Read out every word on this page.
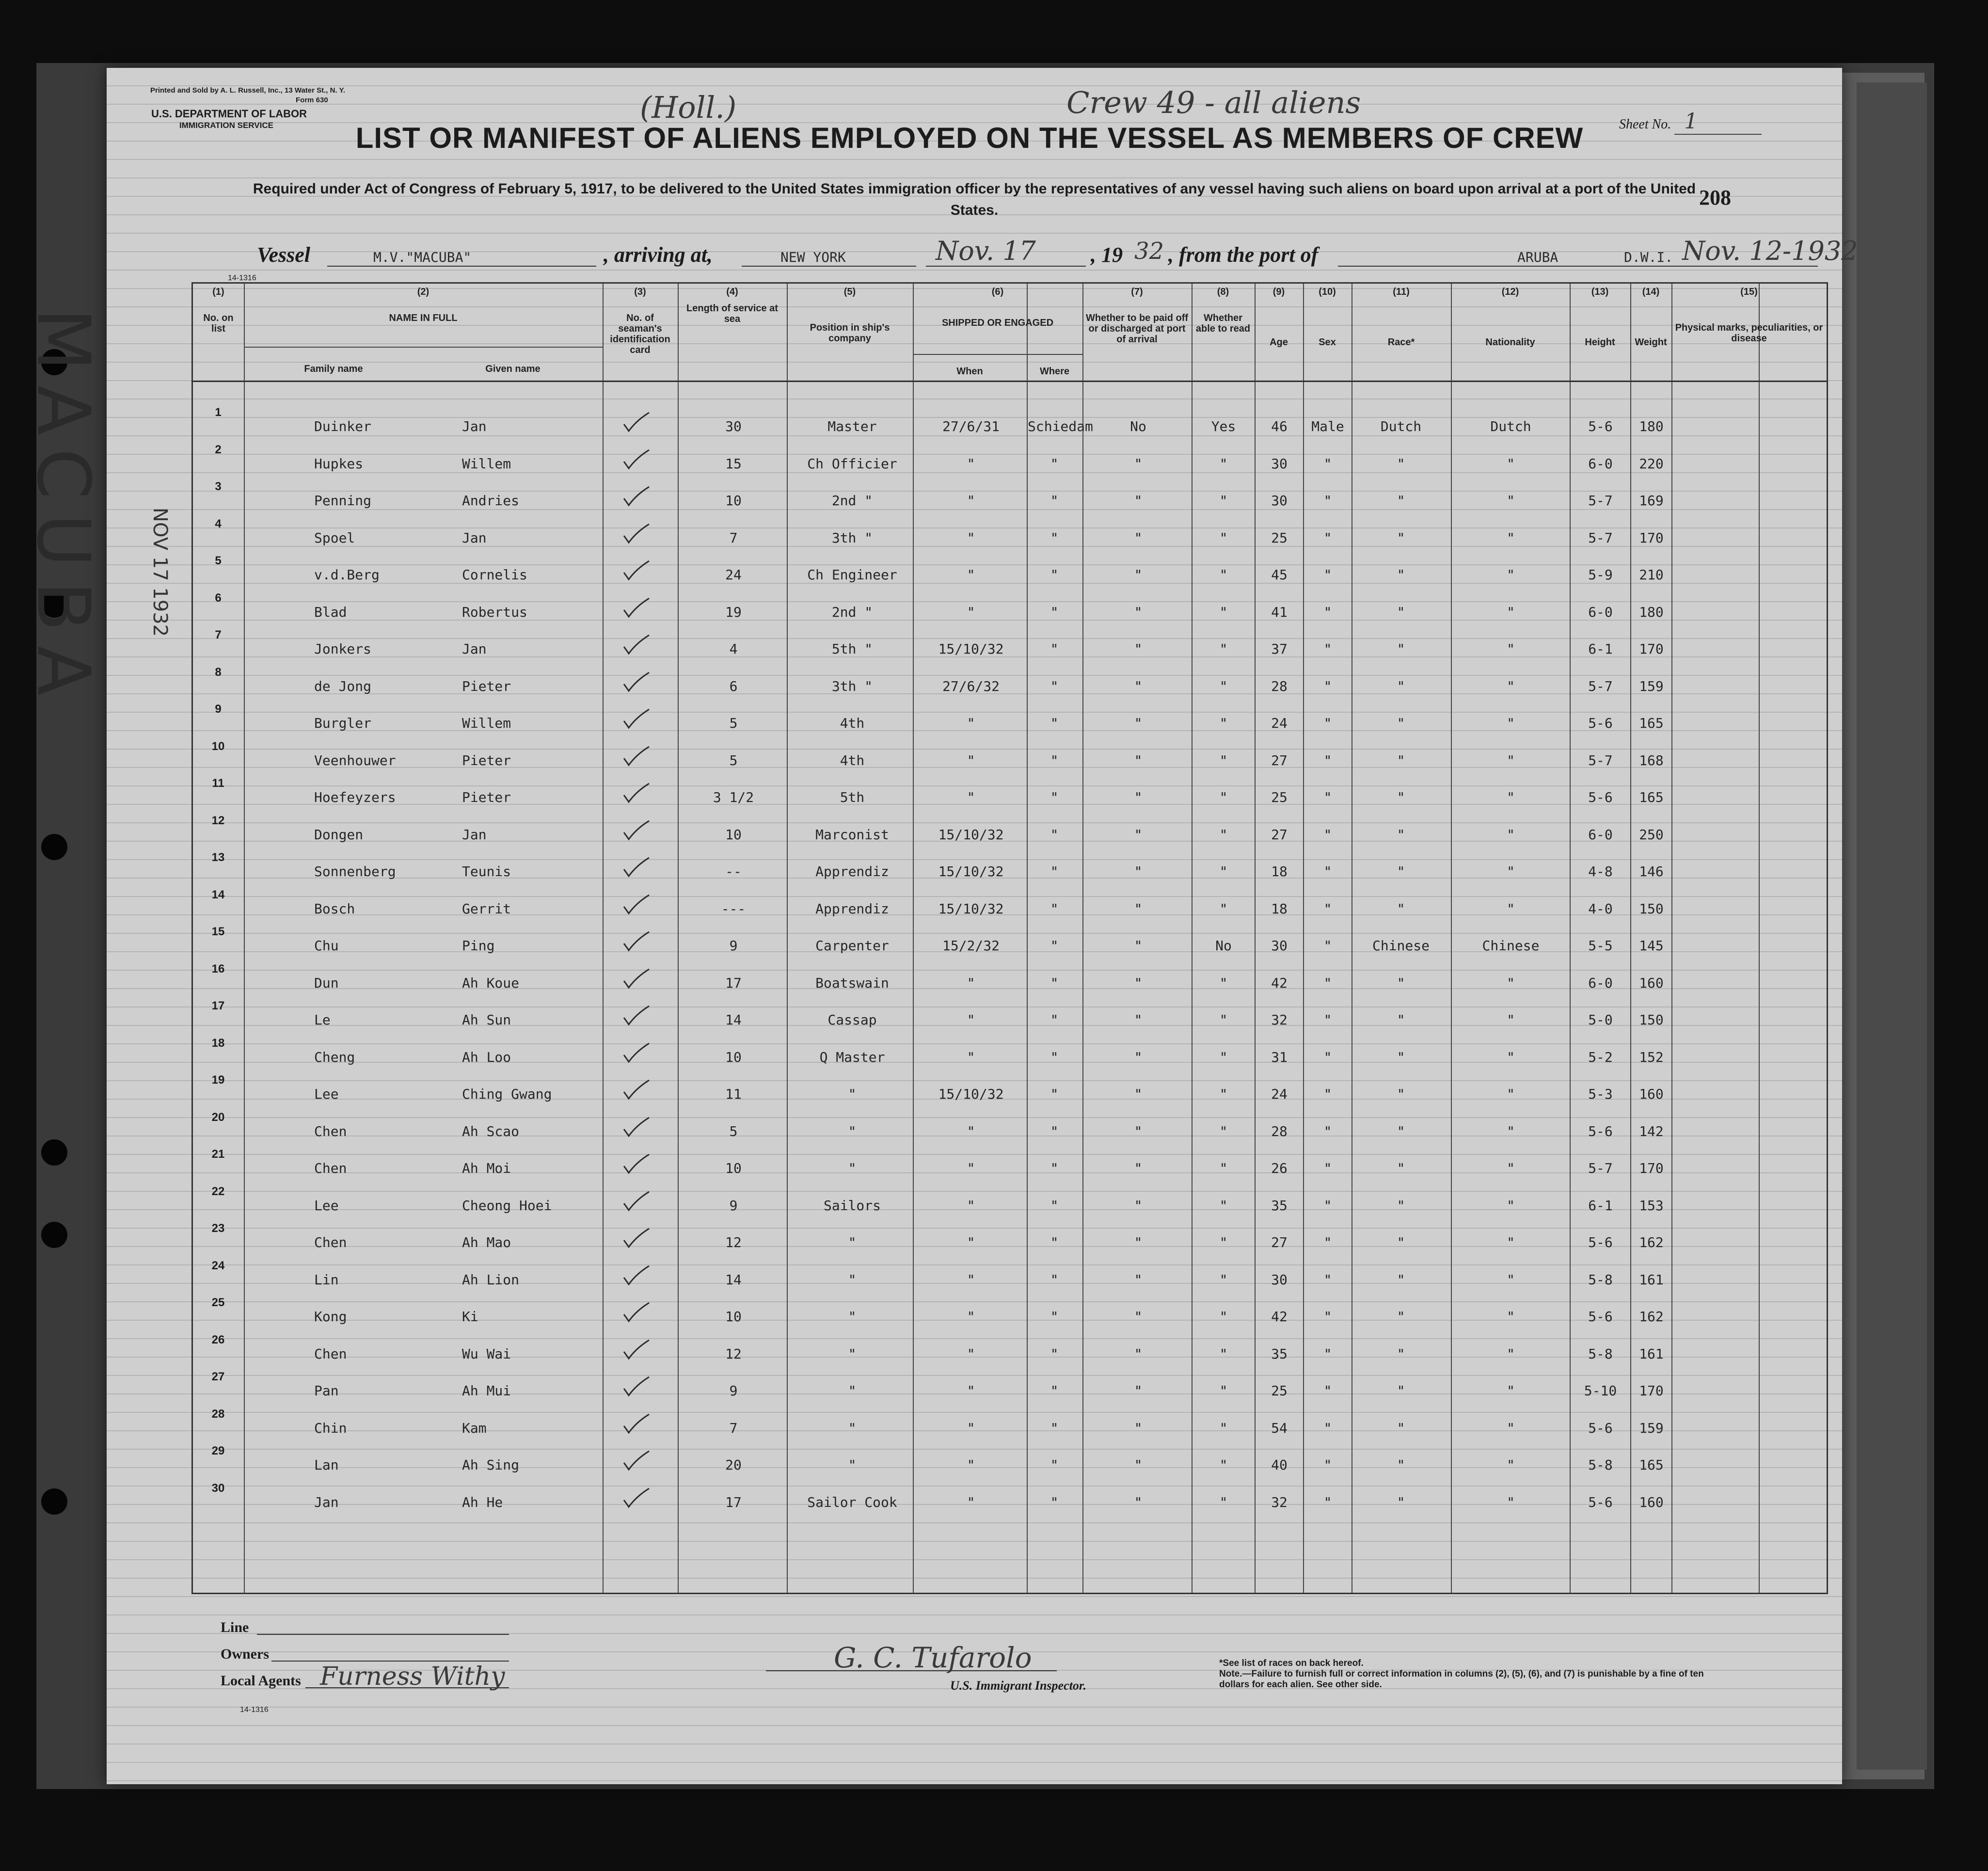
MACUBA NOV 17 1932
Printed and Sold by A. L. Russell, Inc., 13 Water St., N. Y.
Form 630
U.S. DEPARTMENT OF LABOR
IMMIGRATION SERVICE
(Holl.)	Crew 49 - all aliens
Sheet No. 1
LIST OR MANIFEST OF ALIENS EMPLOYED ON THE VESSEL AS MEMBERS OF CREW
Required under Act of Congress of February 5, 1917, to be delivered to the United States immigration officer by the representatives of any vessel having such aliens on board upon arrival at a port of the United States.
208
Vessel	M.V."MACUBA"	, arriving at,	NEW YORK	Nov. 17	, 19 32 , from the port of	ARUBA	D.W.I. Nov. 12-1932
14-1316
(1)
No. on list
(2)
NAME IN FULL
(3)
No. of seaman's identification card
(4)
Length of service at sea
(5)
Position in ship's company
(6)
SHIPPED OR ENGAGED
(7)
Whether to be paid off or discharged at port of arrival
(8)
Whether able to read
(9)
Age
(10)
Sex
(11)
Race*
(12)
Nationality
(13)
Height
(14)
Weight
(15)
Physical marks, peculiarities, or disease
Family name	Given name	When	Where
1
Duinker	Jan	30	Master	27/6/31	Schiedam	No	Yes	46	Male	Dutch	Dutch	5-6	180
2
Hupkes	Willem	15	Ch Officier	"	"	"	"	30	"	"	"	6-0	220
3
Penning	Andries	10	2nd "	"	"	"	"	30	"	"	"	5-7	169
4
Spoel	Jan	7	3th "	"	"	"	"	25	"	"	"	5-7	170
5
v.d.Berg	Cornelis	24	Ch Engineer	"	"	"	"	45	"	"	"	5-9	210
6
Blad	Robertus	19	2nd "	"	"	"	"	41	"	"	"	6-0	180
7
Jonkers	Jan	4	5th "	15/10/32	"	"	"	37	"	"	"	6-1	170
8
de Jong	Pieter	6	3th "	27/6/32	"	"	"	28	"	"	"	5-7	159
9
Burgler	Willem	5	4th	"	"	"	"	24	"	"	"	5-6	165
10
Veenhouwer	Pieter	5	4th	"	"	"	"	27	"	"	"	5-7	168
11
Hoefeyzers	Pieter	3 1/2	5th	"	"	"	"	25	"	"	"	5-6	165
12
Dongen	Jan	10	Marconist	15/10/32	"	"	"	27	"	"	"	6-0	250
13
Sonnenberg	Teunis	--	Apprendiz	15/10/32	"	"	"	18	"	"	"	4-8	146
14
Bosch	Gerrit	---	Apprendiz	15/10/32	"	"	"	18	"	"	"	4-0	150
15
Chu	Ping	9	Carpenter	15/2/32	"	"	No	30	"	Chinese	Chinese	5-5	145
16
Dun	Ah Koue	17	Boatswain	"	"	"	"	42	"	"	"	6-0	160
17
Le	Ah Sun	14	Cassap	"	"	"	"	32	"	"	"	5-0	150
18
Cheng	Ah Loo	10	Q Master	"	"	"	"	31	"	"	"	5-2	152
19
Lee	Ching Gwang	11	"	15/10/32	"	"	"	24	"	"	"	5-3	160
20
Chen	Ah Scao	5	"	"	"	"	"	28	"	"	"	5-6	142
21
Chen	Ah Moi	10	"	"	"	"	"	26	"	"	"	5-7	170
22
Lee	Cheong Hoei	9	Sailors	"	"	"	"	35	"	"	"	6-1	153
23
Chen	Ah Mao	12	"	"	"	"	"	27	"	"	"	5-6	162
24
Lin	Ah Lion	14	"	"	"	"	"	30	"	"	"	5-8	161
25
Kong	Ki	10	"	"	"	"	"	42	"	"	"	5-6	162
26
Chen	Wu Wai	12	"	"	"	"	"	35	"	"	"	5-8	161
27
Pan	Ah Mui	9	"	"	"	"	"	25	"	"	"	5-10	170
28
Chin	Kam	7	"	"	"	"	"	54	"	"	"	5-6	159
29
Lan	Ah Sing	20	"	"	"	"	"	40	"	"	"	5-8	165
30
Jan	Ah He	17	Sailor Cook	"	"	"	"	32	"	"	"	5-6	160
Line
Owners
Local Agents Furness Withy
G. C. Tufarolo
U.S. Immigrant Inspector.
*See list of races on back hereof.
Note.—Failure to furnish full or correct information in columns (2), (5), (6), and (7) is punishable by a fine of ten dollars for each alien. See other side.
14-1316
